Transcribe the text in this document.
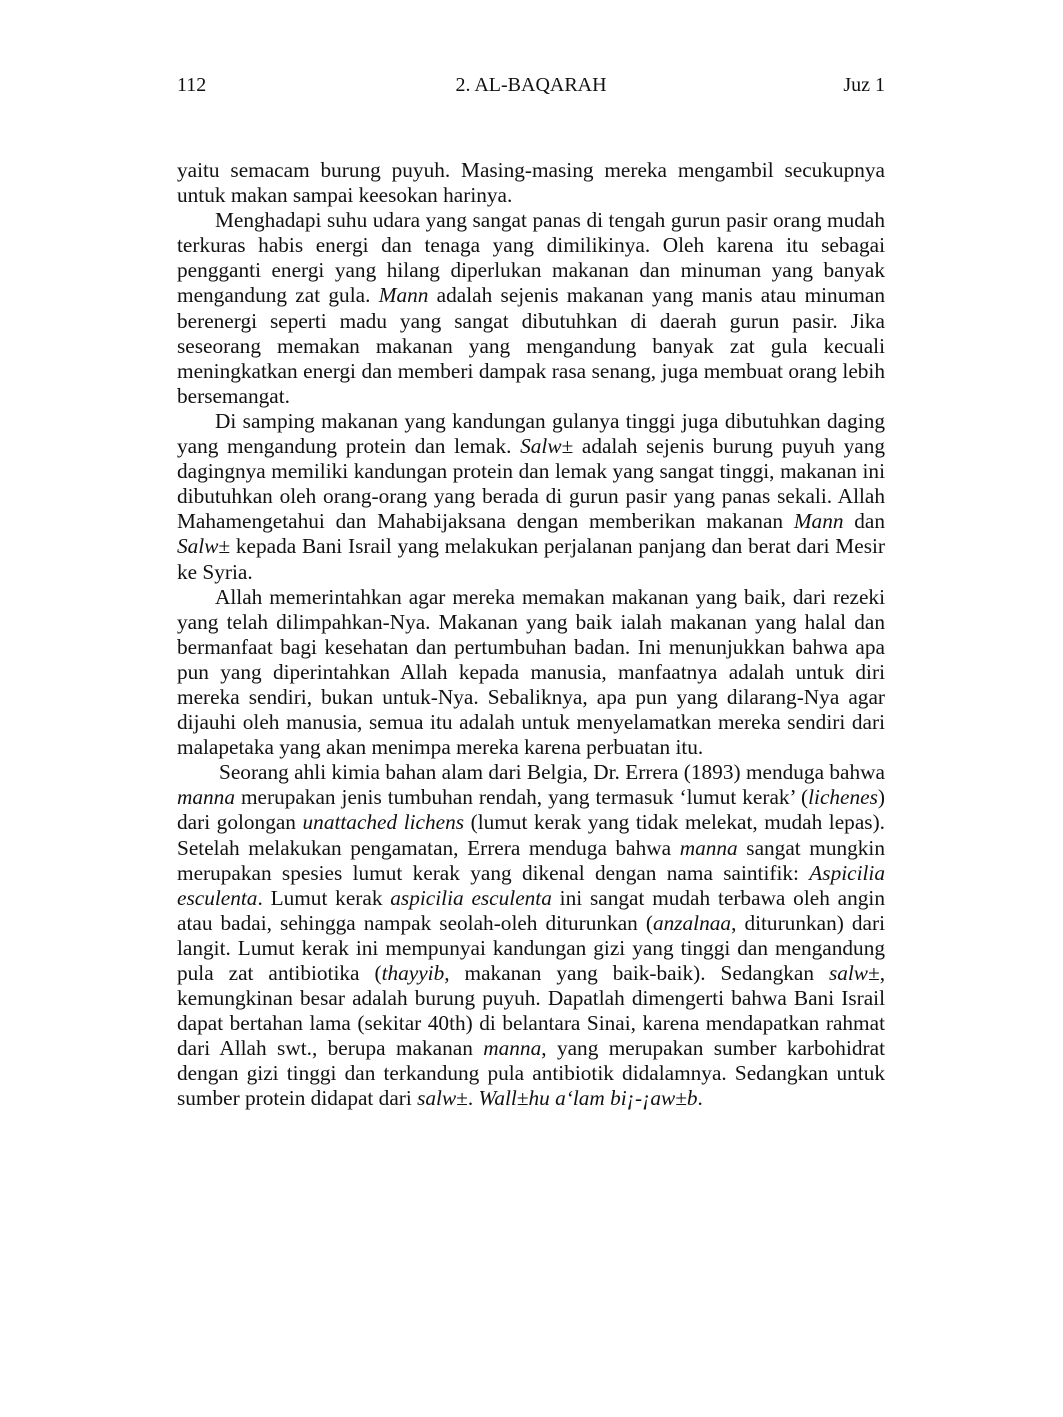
112	2. AL-BAQARAH	Juz 1

yaitu semacam burung puyuh. Masing-masing mereka mengambil secukupnya untuk makan sampai keesokan harinya.

Menghadapi suhu udara yang sangat panas di tengah gurun pasir orang mudah terkuras habis energi dan tenaga yang dimilikinya. Oleh karena itu sebagai pengganti energi yang hilang diperlukan makanan dan minuman yang banyak mengandung zat gula. Mann adalah sejenis makanan yang manis atau minuman berenergi seperti madu yang sangat dibutuhkan di daerah gurun pasir. Jika seseorang memakan makanan yang mengandung banyak zat gula kecuali meningkatkan energi dan memberi dampak rasa senang, juga membuat orang lebih bersemangat.

Di samping makanan yang kandungan gulanya tinggi juga dibutuhkan daging yang mengandung protein dan lemak. Salw± adalah sejenis burung puyuh yang dagingnya memiliki kandungan protein dan lemak yang sangat tinggi, makanan ini dibutuhkan oleh orang-orang yang berada di gurun pasir yang panas sekali. Allah Mahamengetahui dan Mahabijaksana dengan memberikan makanan Mann dan Salw± kepada Bani Israil yang melakukan perjalanan panjang dan berat dari Mesir ke Syria.

Allah memerintahkan agar mereka memakan makanan yang baik, dari rezeki yang telah dilimpahkan-Nya. Makanan yang baik ialah makanan yang halal dan bermanfaat bagi kesehatan dan pertumbuhan badan. Ini menunjukkan bahwa apa pun yang diperintahkan Allah kepada manusia, manfaatnya adalah untuk diri mereka sendiri, bukan untuk-Nya. Sebaliknya, apa pun yang dilarang-Nya agar dijauhi oleh manusia, semua itu adalah untuk menyelamatkan mereka sendiri dari malapetaka yang akan menimpa mereka karena perbuatan itu.

Seorang ahli kimia bahan alam dari Belgia, Dr. Errera (1893) menduga bahwa manna merupakan jenis tumbuhan rendah, yang termasuk ‘lumut kerak’ (lichenes) dari golongan unattached lichens (lumut kerak yang tidak melekat, mudah lepas). Setelah melakukan pengamatan, Errera menduga bahwa manna sangat mungkin merupakan spesies lumut kerak yang dikenal dengan nama saintifik: Aspicilia esculenta. Lumut kerak aspicilia esculenta ini sangat mudah terbawa oleh angin atau badai, sehingga nampak seolah-oleh diturunkan (anzalnaa, diturunkan) dari langit. Lumut kerak ini mempunyai kandungan gizi yang tinggi dan mengandung pula zat antibiotika (thayyib, makanan yang baik-baik). Sedangkan salw±, kemungkinan besar adalah burung puyuh. Dapatlah dimengerti bahwa Bani Israil dapat bertahan lama (sekitar 40th) di belantara Sinai, karena mendapatkan rahmat dari Allah swt., berupa makanan manna, yang merupakan sumber karbohidrat dengan gizi tinggi dan terkandung pula antibiotik didalamnya. Sedangkan untuk sumber protein didapat dari salw±. Wall±hu a‘lam bi¡-¡aw±b.
